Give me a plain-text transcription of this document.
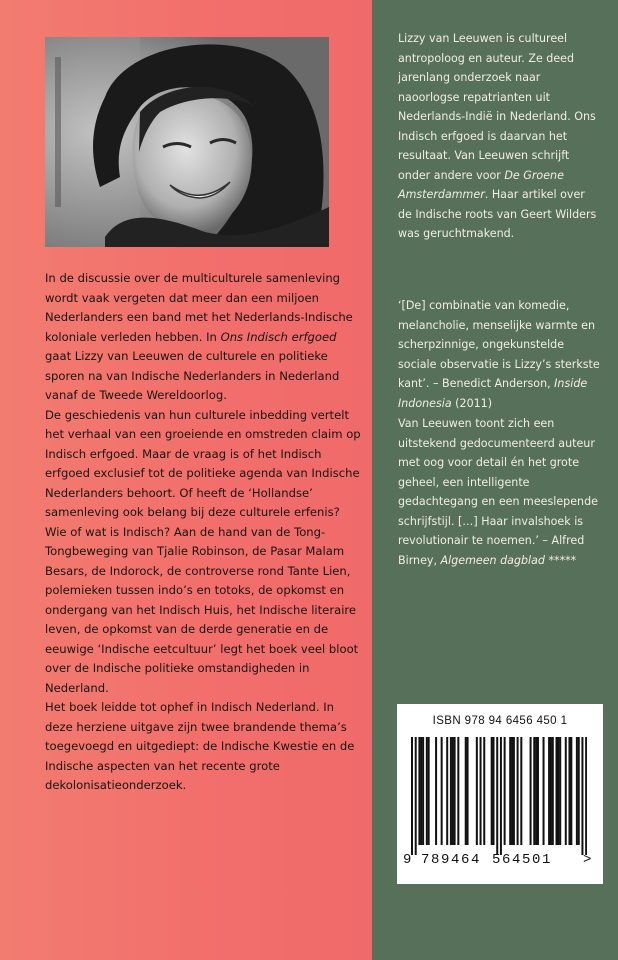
In de discussie over de multiculturele samenleving wordt vaak vergeten dat meer dan een miljoen Nederlanders een band met het Nederlands-Indische koloniale verleden hebben. In Ons Indisch erfgoed gaat Lizzy van Leeuwen de culturele en politieke sporen na van Indische Nederlanders in Nederland vanaf de Tweede Wereldoorlog.

De geschiedenis van hun culturele inbedding vertelt het verhaal van een groeiende en omstreden claim op Indisch erfgoed. Maar de vraag is of het Indisch erfgoed exclusief tot de politieke agenda van Indische Nederlanders behoort. Of heeft de ‘Hollandse’ samenleving ook belang bij deze culturele erfenis?

Wie of wat is Indisch? Aan de hand van de Tong-Tongbeweging van Tjalie Robinson, de Pasar Malam Besars, de Indorock, de controverse rond Tante Lien, polemieken tussen indo’s en totoks, de opkomst en ondergang van het Indisch Huis, het Indische literaire leven, de opkomst van de derde generatie en de eeuwige ‘Indische eetcultuur’ legt het boek veel bloot over de Indische politieke omstandigheden in Nederland.

Het boek leidde tot ophef in Indisch Nederland. In deze herziene uitgave zijn twee brandende thema’s toegevoegd en uitgediept: de Indische Kwestie en de Indische aspecten van het recente grote dekolonisatieonderzoek.

Lizzy van Leeuwen is cultureel antropoloog en auteur. Ze deed jarenlang onderzoek naar naoorlogse repatrianten uit Nederlands-Indië in Nederland. Ons Indisch erfgoed is daarvan het resultaat. Van Leeuwen schrijft onder andere voor De Groene Amsterdammer. Haar artikel over de Indische roots van Geert Wilders was geruchtmakend.

‘[De] combinatie van komedie, melancholie, menselijke warmte en scherpzinnige, ongekunstelde sociale observatie is Lizzy’s sterkste kant’. – Benedict Anderson, Inside Indonesia (2011)

Van Leeuwen toont zich een uitstekend gedocumenteerd auteur met oog voor detail én het grote geheel, een intelligente gedachtegang en een meeslepende schrijfstijl. […] Haar invalshoek is revolutionair te noemen.’ – Alfred Birney, Algemeen dagblad *****

ISBN 978 94 6456 450 1
9 789464 564501 >
